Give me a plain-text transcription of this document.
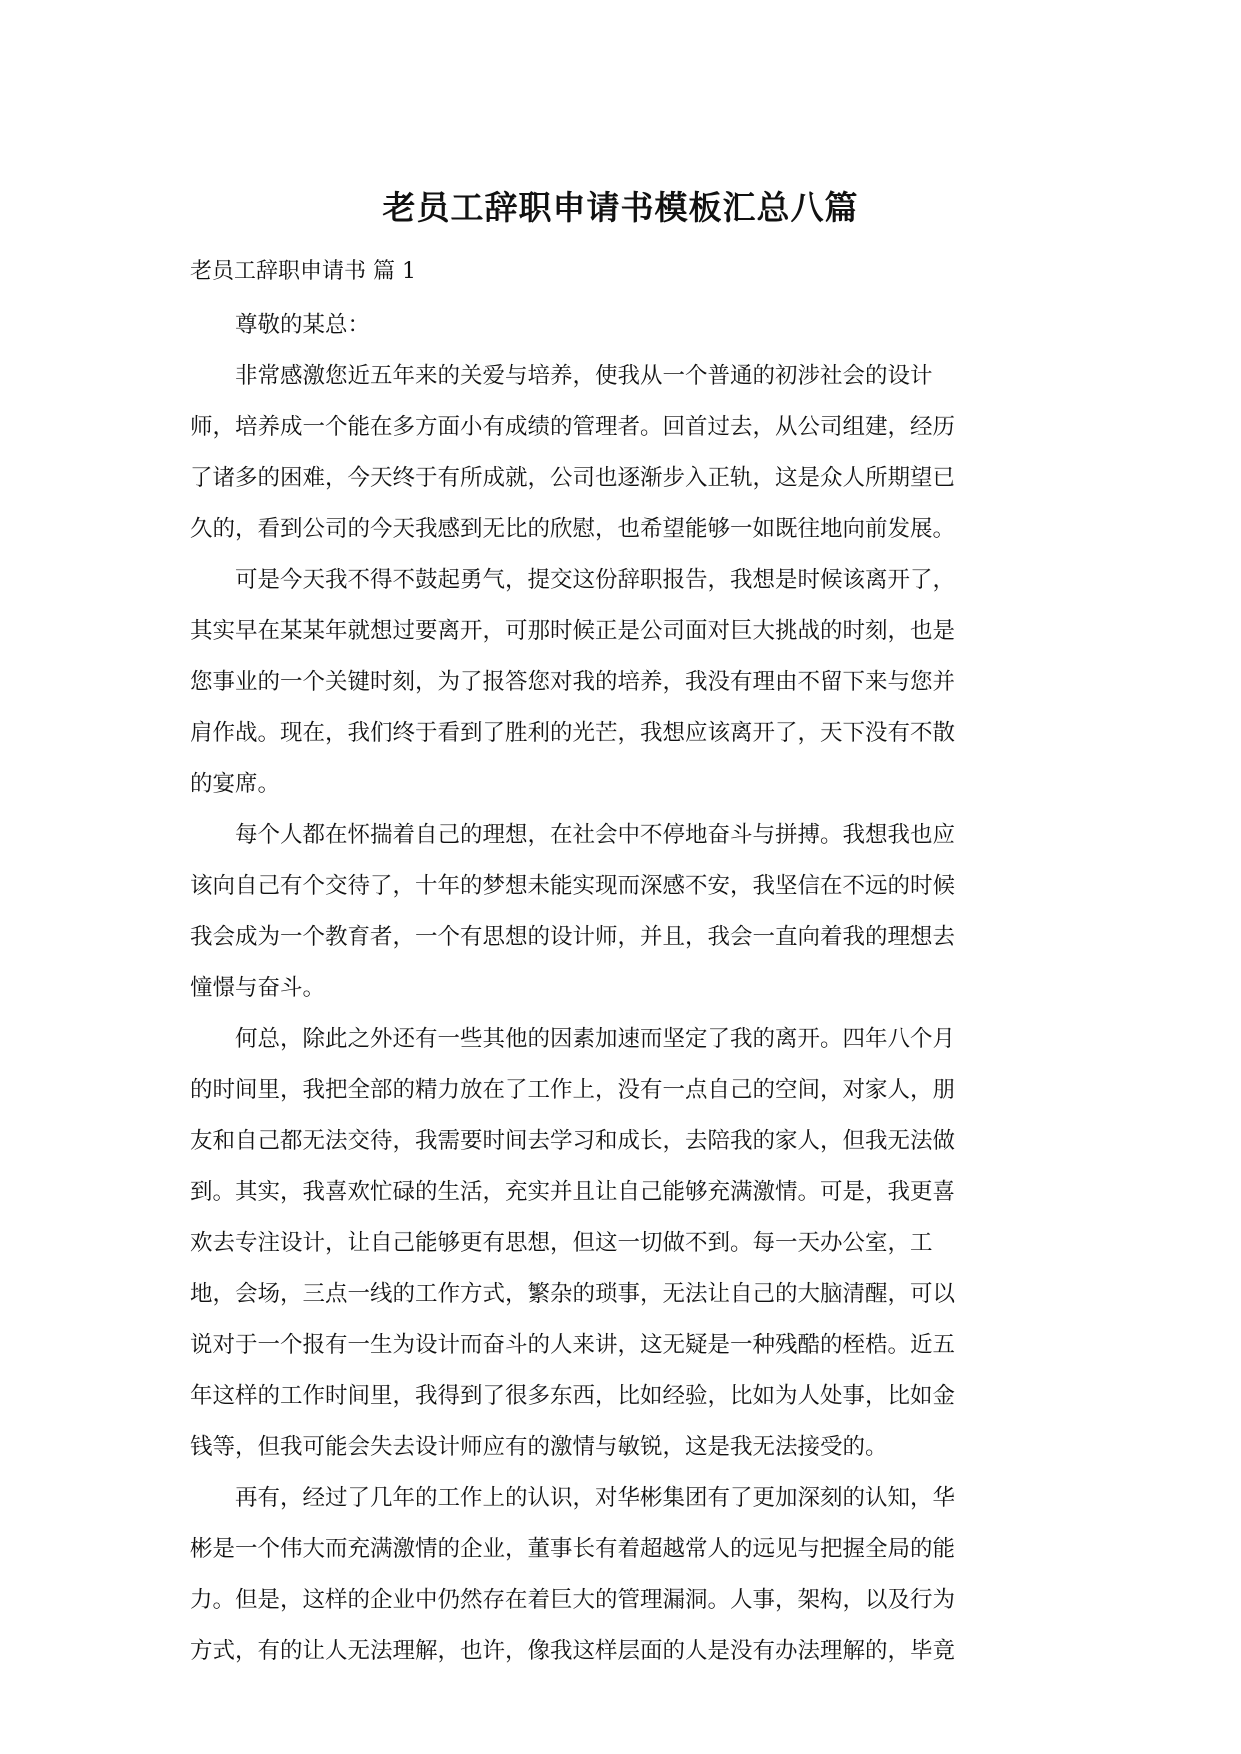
老员工辞职申请书模板汇总八篇
老员工辞职申请书 篇 1

尊敬的某总：

非常感激您近五年来的关爱与培养，使我从一个普通的初涉社会的设计
师，培养成一个能在多方面小有成绩的管理者。回首过去，从公司组建，经历
了诸多的困难，今天终于有所成就，公司也逐渐步入正轨，这是众人所期望已
久的，看到公司的今天我感到无比的欣慰，也希望能够一如既往地向前发展。

可是今天我不得不鼓起勇气，提交这份辞职报告，我想是时候该离开了，
其实早在某某年就想过要离开，可那时候正是公司面对巨大挑战的时刻，也是
您事业的一个关键时刻，为了报答您对我的培养，我没有理由不留下来与您并
肩作战。现在，我们终于看到了胜利的光芒，我想应该离开了，天下没有不散
的宴席。

每个人都在怀揣着自己的理想，在社会中不停地奋斗与拼搏。我想我也应
该向自己有个交待了，十年的梦想未能实现而深感不安，我坚信在不远的时候
我会成为一个教育者，一个有思想的设计师，并且，我会一直向着我的理想去
憧憬与奋斗。

何总，除此之外还有一些其他的因素加速而坚定了我的离开。四年八个月
的时间里，我把全部的精力放在了工作上，没有一点自己的空间，对家人，朋
友和自己都无法交待，我需要时间去学习和成长，去陪我的家人，但我无法做
到。其实，我喜欢忙碌的生活，充实并且让自己能够充满激情。可是，我更喜
欢去专注设计，让自己能够更有思想，但这一切做不到。每一天办公室，工
地，会场，三点一线的工作方式，繁杂的琐事，无法让自己的大脑清醒，可以
说对于一个报有一生为设计而奋斗的人来讲，这无疑是一种残酷的桎梏。近五
年这样的工作时间里，我得到了很多东西，比如经验，比如为人处事，比如金
钱等，但我可能会失去设计师应有的激情与敏锐，这是我无法接受的。

再有，经过了几年的工作上的认识，对华彬集团有了更加深刻的认知，华
彬是一个伟大而充满激情的企业，董事长有着超越常人的远见与把握全局的能
力。但是，这样的企业中仍然存在着巨大的管理漏洞。人事，架构，以及行为
方式，有的让人无法理解，也许，像我这样层面的人是没有办法理解的，毕竟
